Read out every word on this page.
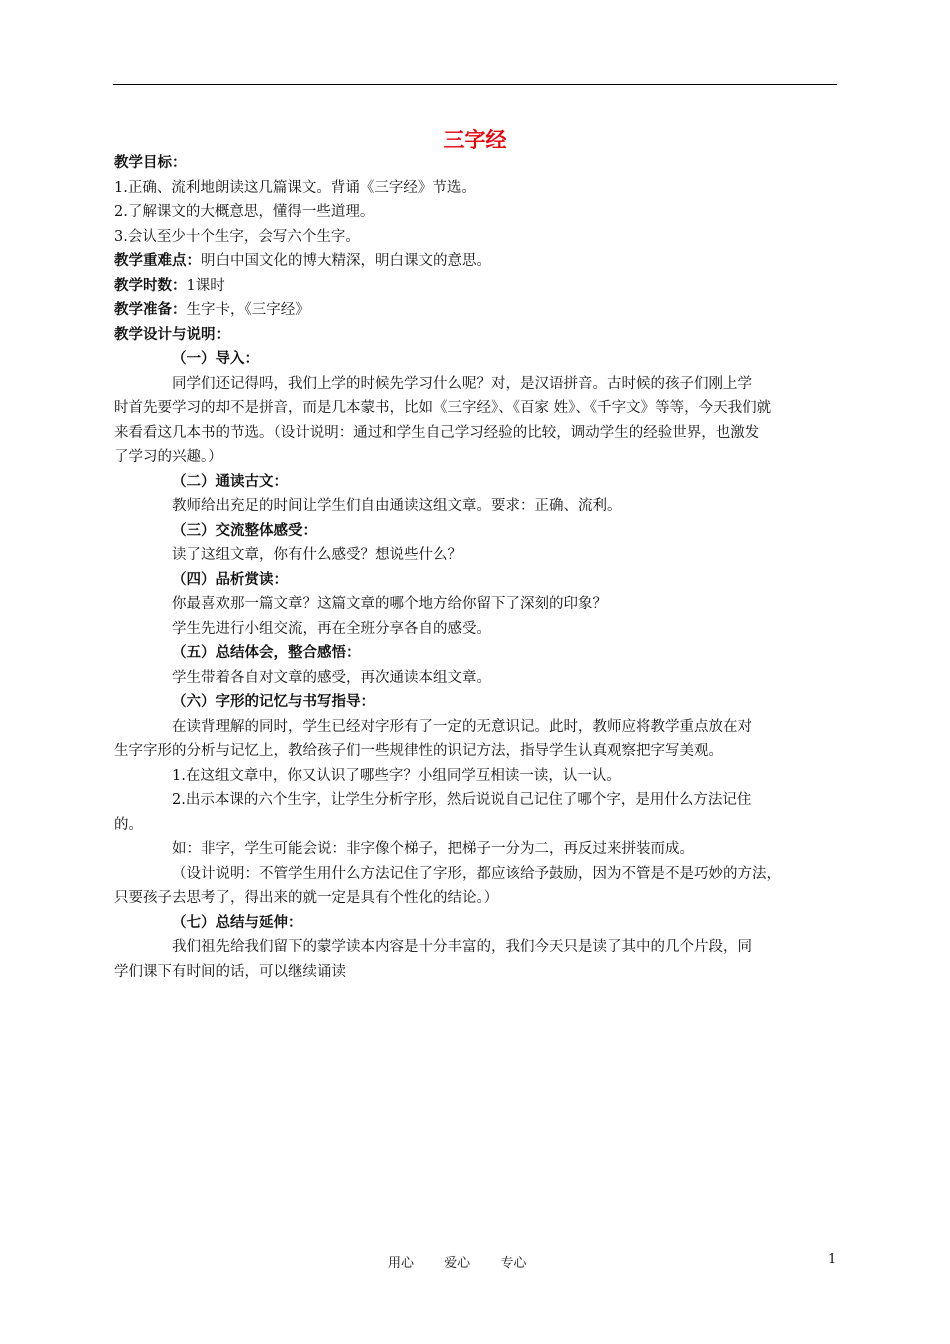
三字经
教学目标：
1.正确、流利地朗读这几篇课文。背诵《三字经》节选。
2.了解课文的大概意思，懂得一些道理。
3.会认至少十个生字，会写六个生字。
教学重难点：明白中国文化的博大精深，明白课文的意思。
教学时数：1课时
教学准备：生字卡，《三字经》
教学设计与说明：
（一）导入：
同学们还记得吗，我们上学的时候先学习什么呢？对，是汉语拼音。古时候的孩子们刚上学
时首先要学习的却不是拼音，而是几本蒙书，比如《三字经》、《百家 姓》、《千字文》等等，今天我们就
来看看这几本书的节选。（设计说明：通过和学生自己学习经验的比较，调动学生的经验世界，也激发
了学习的兴趣。）
（二）通读古文：
教师给出充足的时间让学生们自由通读这组文章。要求：正确、流利。
（三）交流整体感受：
读了这组文章，你有什么感受？想说些什么？
（四）品析赏读：
你最喜欢那一篇文章？这篇文章的哪个地方给你留下了深刻的印象？
学生先进行小组交流，再在全班分享各自的感受。
（五）总结体会，整合感悟：
学生带着各自对文章的感受，再次通读本组文章。
（六）字形的记忆与书写指导：
在读背理解的同时，学生已经对字形有了一定的无意识记。此时，教师应将教学重点放在对
生字字形的分析与记忆上，教给孩子们一些规律性的识记方法，指导学生认真观察把字写美观。
1.在这组文章中，你又认识了哪些字？小组同学互相读一读，认一认。
2.出示本课的六个生字，让学生分析字形，然后说说自己记住了哪个字，是用什么方法记住
的。
如：非字，学生可能会说：非字像个梯子，把梯子一分为二，再反过来拼装而成。
（设计说明：不管学生用什么方法记住了字形，都应该给予鼓励，因为不管是不是巧妙的方法，
只要孩子去思考了，得出来的就一定是具有个性化的结论。）
（七）总结与延伸：
我们祖先给我们留下的蒙学读本内容是十分丰富的，我们今天只是读了其中的几个片段，同
学们课下有时间的话，可以继续诵读
用心 爱心 专心	1
